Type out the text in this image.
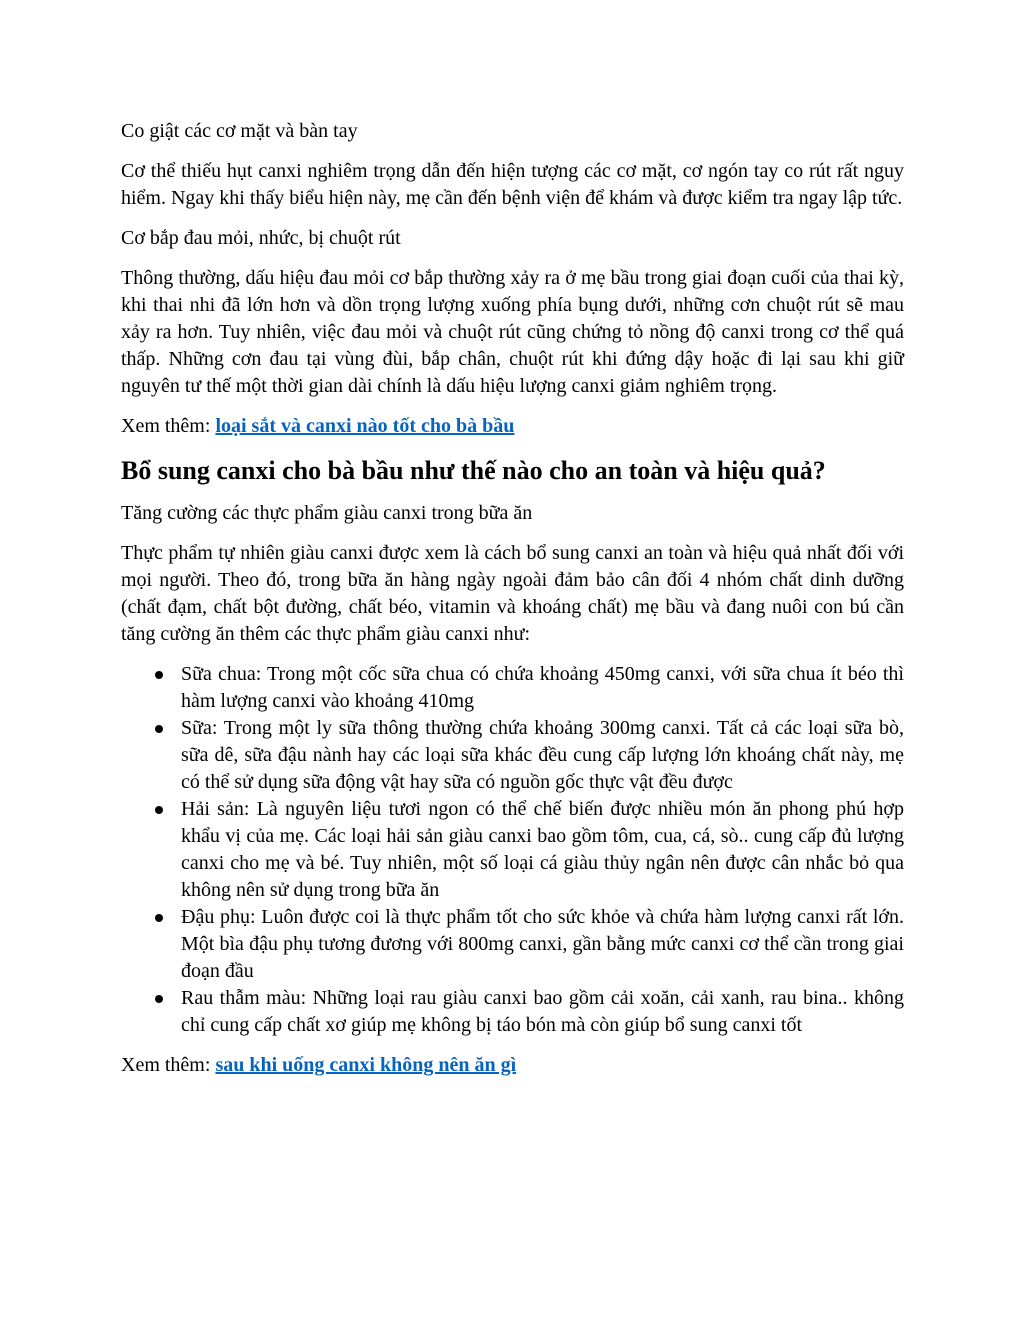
Co giật các cơ mặt và bàn tay

Cơ thể thiếu hụt canxi nghiêm trọng dẫn đến hiện tượng các cơ mặt, cơ ngón tay co rút rất nguy hiểm. Ngay khi thấy biểu hiện này, mẹ cần đến bệnh viện để khám và được kiểm tra ngay lập tức.

Cơ bắp đau mỏi, nhức, bị chuột rút

Thông thường, dấu hiệu đau mỏi cơ bắp thường xảy ra ở mẹ bầu trong giai đoạn cuối của thai kỳ, khi thai nhi đã lớn hơn và dồn trọng lượng xuống phía bụng dưới, những cơn chuột rút sẽ mau xảy ra hơn. Tuy nhiên, việc đau mỏi và chuột rút cũng chứng tỏ nồng độ canxi trong cơ thể quá thấp. Những cơn đau tại vùng đùi, bắp chân, chuột rút khi đứng dậy hoặc đi lại sau khi giữ nguyên tư thế một thời gian dài chính là dấu hiệu lượng canxi giảm nghiêm trọng.

Xem thêm: loại sắt và canxi nào tốt cho bà bầu

Bổ sung canxi cho bà bầu như thế nào cho an toàn và hiệu quả?

Tăng cường các thực phẩm giàu canxi trong bữa ăn

Thực phẩm tự nhiên giàu canxi được xem là cách bổ sung canxi an toàn và hiệu quả nhất đối với mọi người. Theo đó, trong bữa ăn hàng ngày ngoài đảm bảo cân đối 4 nhóm chất dinh dưỡng (chất đạm, chất bột đường, chất béo, vitamin và khoáng chất) mẹ bầu và đang nuôi con bú cần tăng cường ăn thêm các thực phẩm giàu canxi như:

Sữa chua: Trong một cốc sữa chua có chứa khoảng 450mg canxi, với sữa chua ít béo thì hàm lượng canxi vào khoảng 410mg
Sữa: Trong một ly sữa thông thường chứa khoảng 300mg canxi. Tất cả các loại sữa bò, sữa dê, sữa đậu nành hay các loại sữa khác đều cung cấp lượng lớn khoáng chất này, mẹ có thể sử dụng sữa động vật hay sữa có nguồn gốc thực vật đều được
Hải sản: Là nguyên liệu tươi ngon có thể chế biến được nhiều món ăn phong phú hợp khẩu vị của mẹ. Các loại hải sản giàu canxi bao gồm tôm, cua, cá, sò.. cung cấp đủ lượng canxi cho mẹ và bé. Tuy nhiên, một số loại cá giàu thủy ngân nên được cân nhắc bỏ qua không nên sử dụng trong bữa ăn
Đậu phụ: Luôn được coi là thực phẩm tốt cho sức khỏe và chứa hàm lượng canxi rất lớn. Một bìa đậu phụ tương đương với 800mg canxi, gần bằng mức canxi cơ thể cần trong giai đoạn đầu
Rau thẫm màu: Những loại rau giàu canxi bao gồm cải xoăn, cải xanh, rau bina.. không chỉ cung cấp chất xơ giúp mẹ không bị táo bón mà còn giúp bổ sung canxi tốt

Xem thêm: sau khi uống canxi không nên ăn gì
